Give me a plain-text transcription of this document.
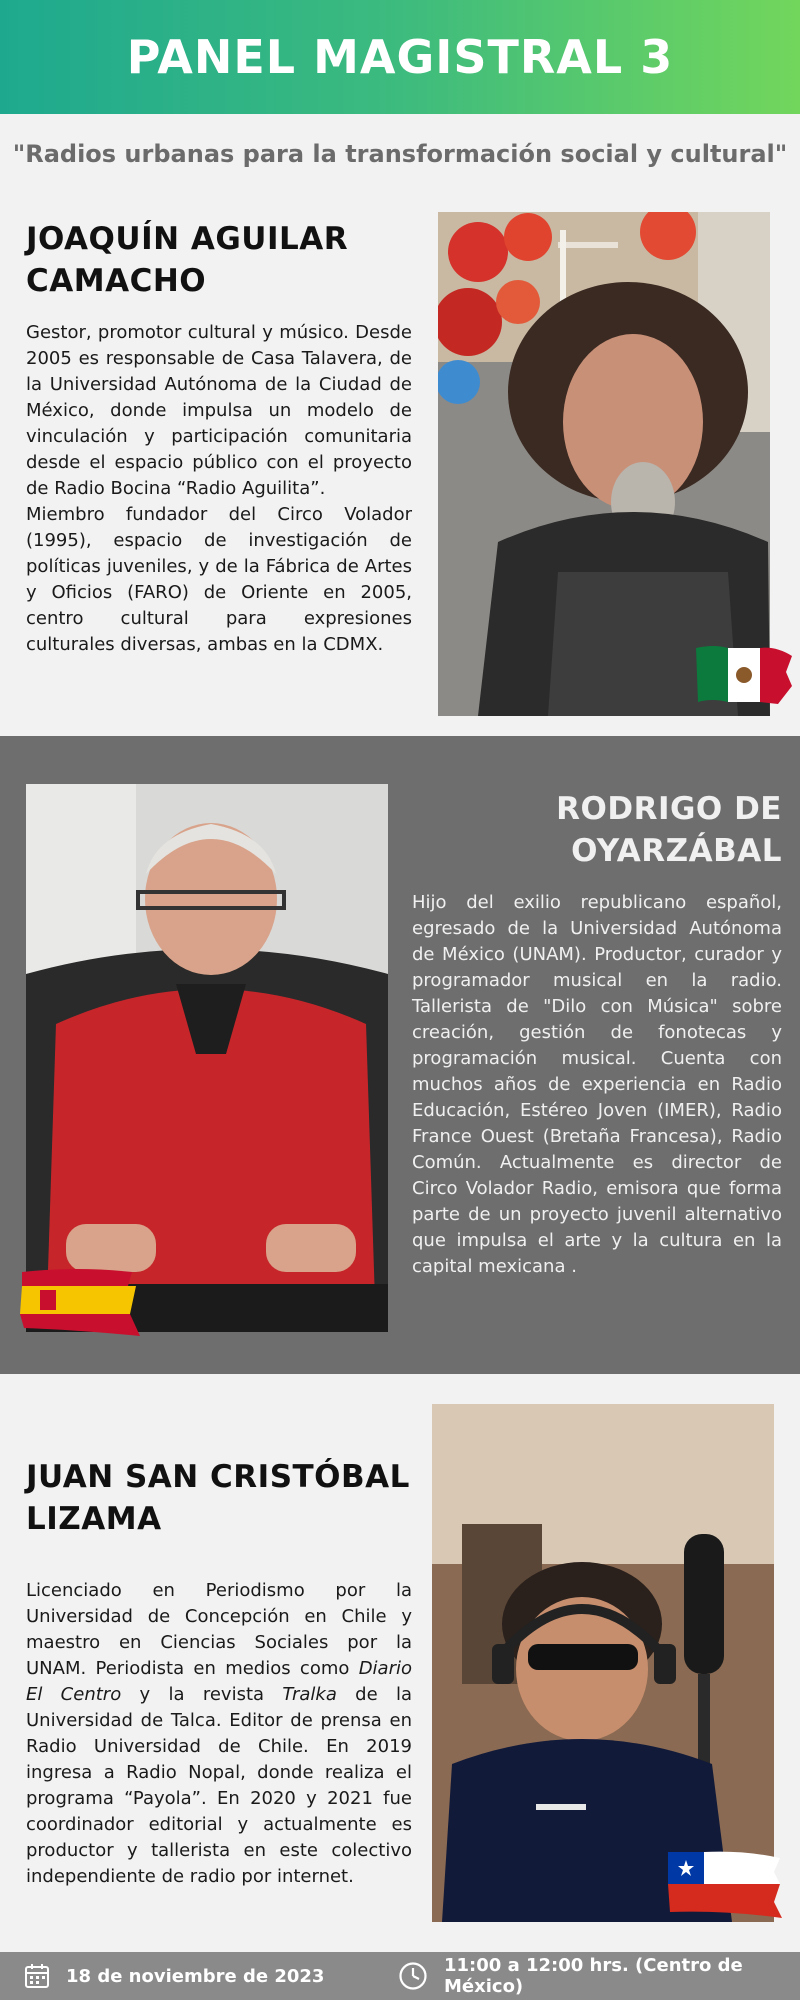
PANEL MAGISTRAL 3
"Radios urbanas para la transformación social y cultural"
JOAQUÍN AGUILAR CAMACHO
Gestor, promotor cultural y músico. Desde 2005 es responsable de Casa Talavera, de la Universidad Autónoma de la Ciudad de México, donde impulsa un modelo de vinculación y participación comunitaria desde el espacio público con el proyecto de Radio Bocina “Radio Aguilita”.
Miembro fundador del Circo Volador (1995), espacio de investigación de políticas juveniles, y de la Fábrica de Artes y Oficios (FARO) de Oriente en 2005, centro cultural para expresiones culturales diversas, ambas en la CDMX.
RODRIGO DE OYARZÁBAL
Hijo del exilio republicano español, egresado de la Universidad Autónoma de México (UNAM). Productor, curador y programador musical en la radio. Tallerista de "Dilo con Música" sobre creación, gestión de fonotecas y programación musical. Cuenta con muchos años de experiencia en Radio Educación, Estéreo Joven (IMER), Radio France Ouest (Bretaña Francesa), Radio Común. Actualmente es director de Circo Volador Radio, emisora que forma parte de un proyecto juvenil alternativo que impulsa el arte y la cultura en la capital mexicana .
JUAN SAN CRISTÓBAL LIZAMA
Licenciado en Periodismo por la Universidad de Concepción en Chile y maestro en Ciencias Sociales por la UNAM. Periodista en medios como Diario El Centro y la revista Tralka de la Universidad de Talca. Editor de prensa en Radio Universidad de Chile. En 2019 ingresa a Radio Nopal, donde realiza el programa “Payola”. En 2020 y 2021 fue coordinador editorial y actualmente es productor y tallerista en este colectivo independiente de radio por internet.
18 de noviembre de 2023	11:00 a 12:00 hrs. (Centro de México)
